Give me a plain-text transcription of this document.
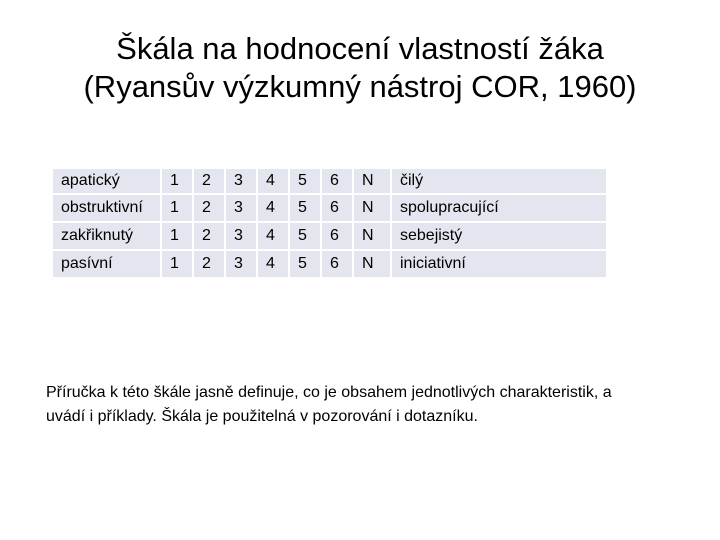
Škála na hodnocení vlastností žáka
(Ryansův výzkumný nástroj COR, 1960)
apatický	1	2	3	4	5	6	N	čilý
obstruktivní	1	2	3	4	5	6	N	spolupracující
zakřiknutý	1	2	3	4	5	6	N	sebejistý
pasívní	1	2	3	4	5	6	N	iniciativní

Příručka k této škále jasně definuje, co je obsahem jednotlivých charakteristik, a uvádí i příklady. Škála je použitelná v pozorování i dotazníku.
